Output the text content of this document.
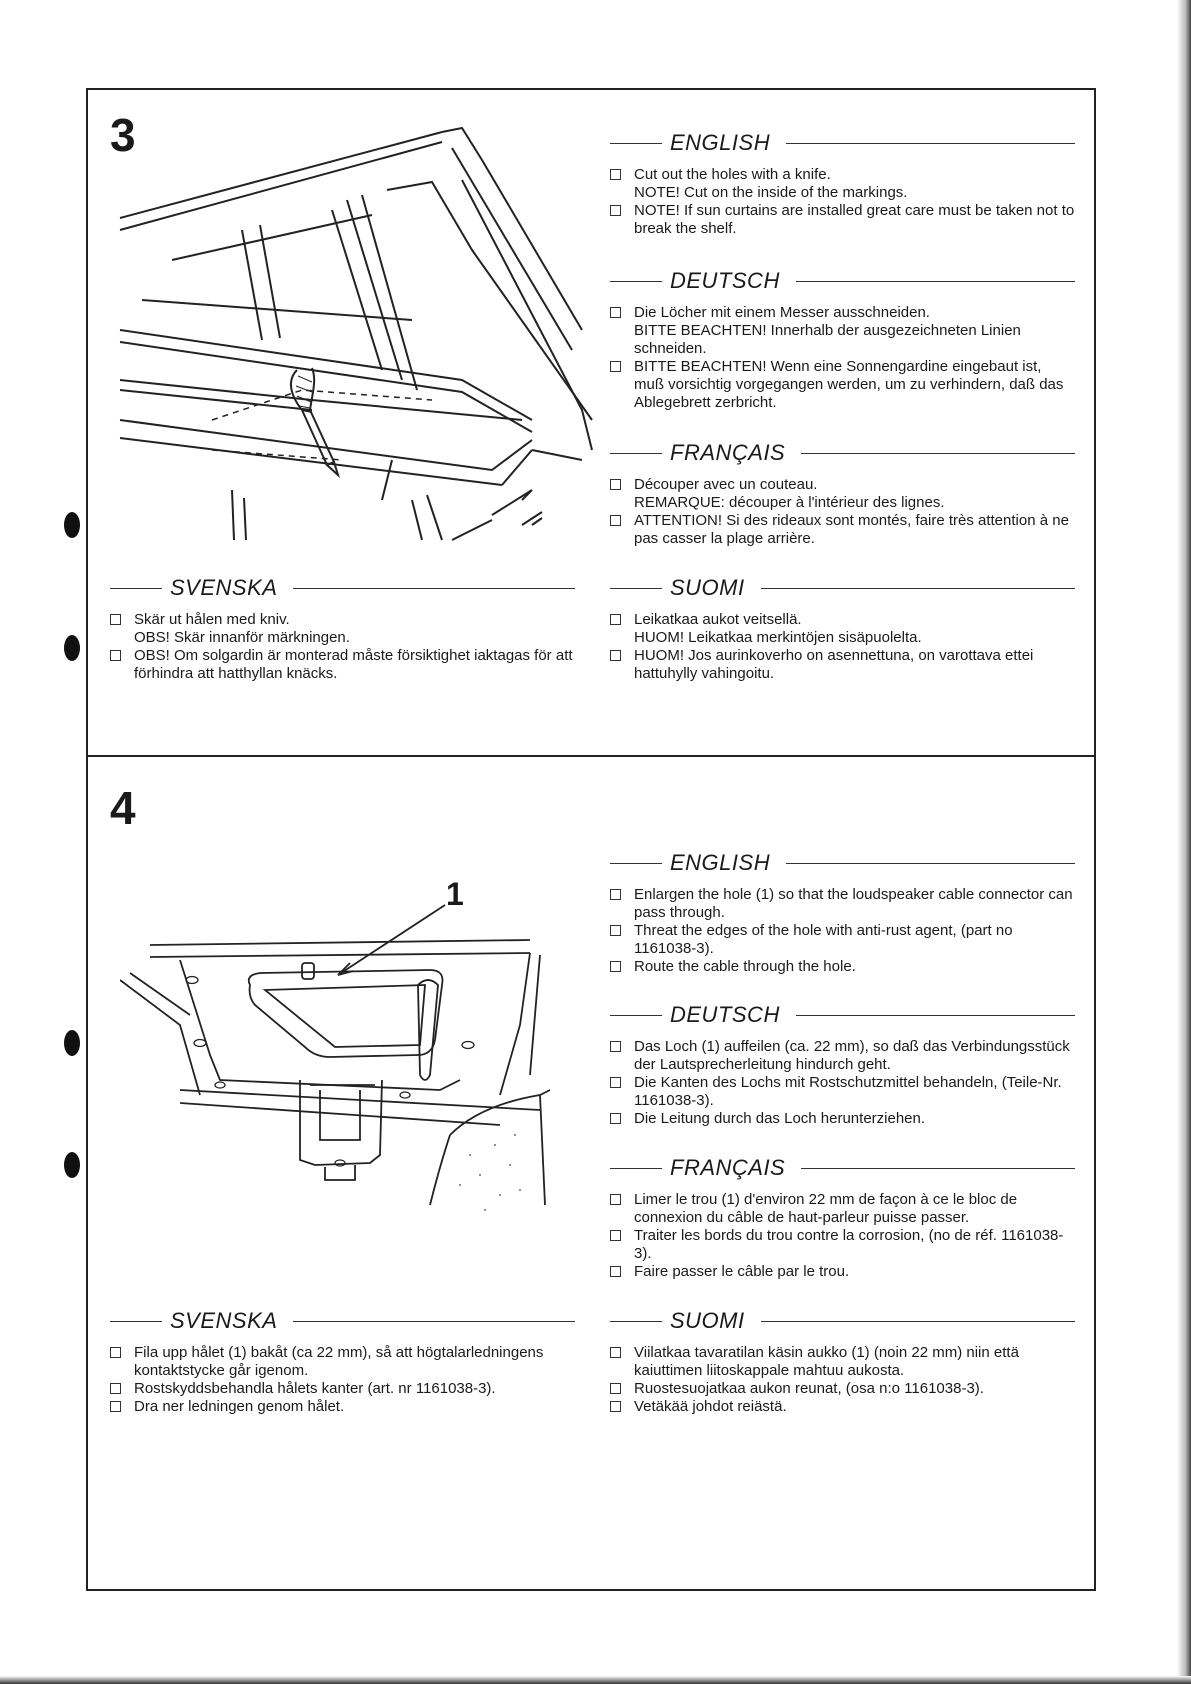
3
SVENSKA
Skär ut hålen med kniv.
OBS! Skär innanför märkningen.
OBS! Om solgardin är monterad måste försiktighet iaktagas för att förhindra att hatthyllan knäcks.
ENGLISH
Cut out the holes with a knife.
NOTE! Cut on the inside of the markings.
NOTE! If sun curtains are installed great care must be taken not to break the shelf.
DEUTSCH
Die Löcher mit einem Messer ausschneiden.
BITTE BEACHTEN! Innerhalb der ausgezeichneten Linien schneiden.
BITTE BEACHTEN! Wenn eine Sonnengardine eingebaut ist, muß vorsichtig vorgegangen werden, um zu verhindern, daß das Ablegebrett zerbricht.
FRANÇAIS
Découper avec un couteau.
REMARQUE: découper à l'intérieur des lignes.
ATTENTION! Si des rideaux sont montés, faire très attention à ne pas casser la plage arrière.
SUOMI
Leikatkaa aukot veitsellä.
HUOM! Leikatkaa merkintöjen sisäpuolelta.
HUOM! Jos aurinkoverho on asennettuna, on varottava ettei hattuhylly vahingoitu.
4
1
SVENSKA
Fila upp hålet (1) bakåt (ca 22 mm), så att högtalarledningens kontaktstycke går igenom.
Rostskyddsbehandla hålets kanter (art. nr 1161038-3).
Dra ner ledningen genom hålet.
ENGLISH
Enlargen the hole (1) so that the loudspeaker cable connector can pass through.
Threat the edges of the hole with anti-rust agent, (part no 1161038-3).
Route the cable through the hole.
DEUTSCH
Das Loch (1) auffeilen (ca. 22 mm), so daß das Verbindungsstück der Lautsprecherleitung hindurch geht.
Die Kanten des Lochs mit Rostschutzmittel behandeln, (Teile-Nr. 1161038-3).
Die Leitung durch das Loch herunterziehen.
FRANÇAIS
Limer le trou (1) d'environ 22 mm de façon à ce le bloc de connexion du câble de haut-parleur puisse passer.
Traiter les bords du trou contre la corrosion, (no de réf. 1161038-3).
Faire passer le câble par le trou.
SUOMI
Viilatkaa tavaratilan käsin aukko (1) (noin 22 mm) niin että kaiuttimen liitoskappale mahtuu aukosta.
Ruostesuojatkaa aukon reunat, (osa n:o 1161038-3).
Vetäkää johdot reiästä.
